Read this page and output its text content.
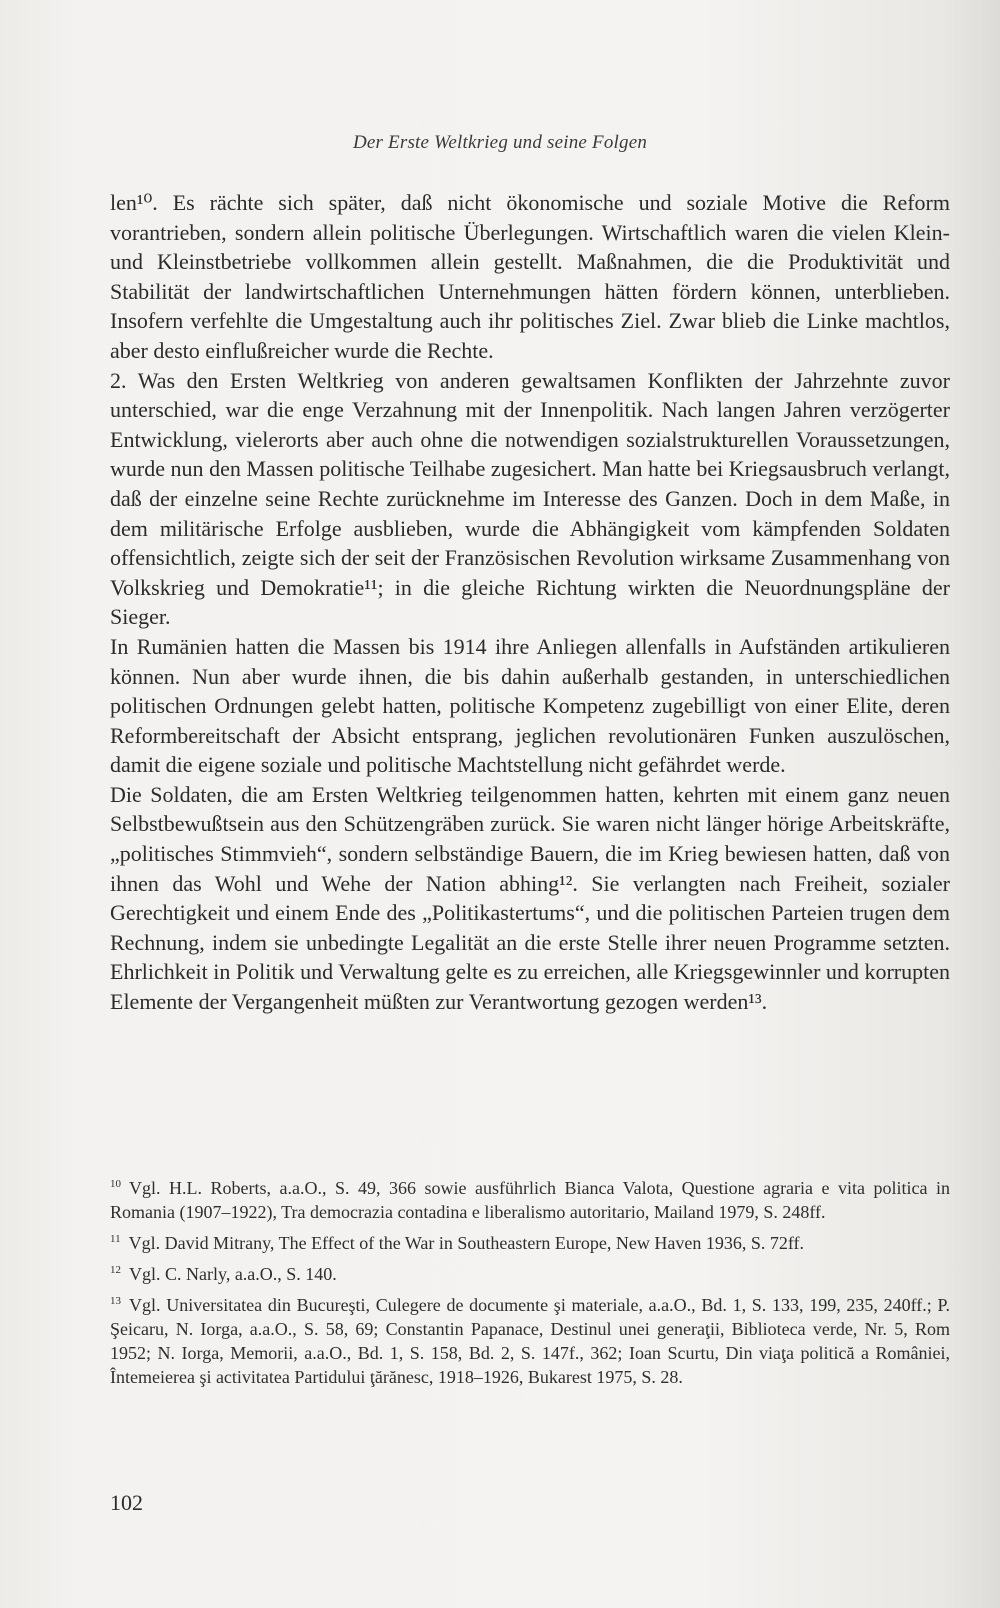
Der Erste Weltkrieg und seine Folgen

len¹⁰. Es rächte sich später, daß nicht ökonomische und soziale Motive die Reform vorantrieben, sondern allein politische Überlegungen. Wirtschaftlich waren die vielen Klein- und Kleinstbetriebe vollkommen allein gestellt. Maßnahmen, die die Produktivität und Stabilität der landwirtschaftlichen Unternehmungen hätten fördern können, unterblieben. Insofern verfehlte die Umgestaltung auch ihr politisches Ziel. Zwar blieb die Linke machtlos, aber desto einflußreicher wurde die Rechte.

2. Was den Ersten Weltkrieg von anderen gewaltsamen Konflikten der Jahrzehnte zuvor unterschied, war die enge Verzahnung mit der Innenpolitik. Nach langen Jahren verzögerter Entwicklung, vielerorts aber auch ohne die notwendigen sozialstrukturellen Voraussetzungen, wurde nun den Massen politische Teilhabe zugesichert. Man hatte bei Kriegsausbruch verlangt, daß der einzelne seine Rechte zurücknehme im Interesse des Ganzen. Doch in dem Maße, in dem militärische Erfolge ausblieben, wurde die Abhängigkeit vom kämpfenden Soldaten offensichtlich, zeigte sich der seit der Französischen Revolution wirksame Zusammenhang von Volkskrieg und Demokratie¹¹; in die gleiche Richtung wirkten die Neuordnungspläne der Sieger.

In Rumänien hatten die Massen bis 1914 ihre Anliegen allenfalls in Aufständen artikulieren können. Nun aber wurde ihnen, die bis dahin außerhalb gestanden, in unterschiedlichen politischen Ordnungen gelebt hatten, politische Kompetenz zugebilligt von einer Elite, deren Reformbereitschaft der Absicht entsprang, jeglichen revolutionären Funken auszulöschen, damit die eigene soziale und politische Machtstellung nicht gefährdet werde.

Die Soldaten, die am Ersten Weltkrieg teilgenommen hatten, kehrten mit einem ganz neuen Selbstbewußtsein aus den Schützengräben zurück. Sie waren nicht länger hörige Arbeitskräfte, „politisches Stimmvieh“, sondern selbständige Bauern, die im Krieg bewiesen hatten, daß von ihnen das Wohl und Wehe der Nation abhing¹². Sie verlangten nach Freiheit, sozialer Gerechtigkeit und einem Ende des „Politikastertums“, und die politischen Parteien trugen dem Rechnung, indem sie unbedingte Legalität an die erste Stelle ihrer neuen Programme setzten. Ehrlichkeit in Politik und Verwaltung gelte es zu erreichen, alle Kriegsgewinnler und korrupten Elemente der Vergangenheit müßten zur Verantwortung gezogen werden¹³.

$^{10}$ Vgl. H.L. Roberts, a.a.O., S. 49, 366 sowie ausführlich Bianca Valota, Questione agraria e vita politica in Romania (1907–1922), Tra democrazia contadina e liberalismo autoritario, Mailand 1979, S. 248ff.

$^{11}$ Vgl. David Mitrany, The Effect of the War in Southeastern Europe, New Haven 1936, S. 72ff.

$^{12}$ Vgl. C. Narly, a.a.O., S. 140.

$^{13}$ Vgl. Universitatea din Bucureşti, Culegere de documente şi materiale, a.a.O., Bd. 1, S. 133, 199, 235, 240ff.; P. Şeicaru, N. Iorga, a.a.O., S. 58, 69; Constantin Papanace, Destinul unei generaţii, Biblioteca verde, Nr. 5, Rom 1952; N. Iorga, Memorii, a.a.O., Bd. 1, S. 158, Bd. 2, S. 147f., 362; Ioan Scurtu, Din viaţa politică a României, Întemeierea şi activitatea Partidului ţărănesc, 1918–1926, Bukarest 1975, S. 28.

102
